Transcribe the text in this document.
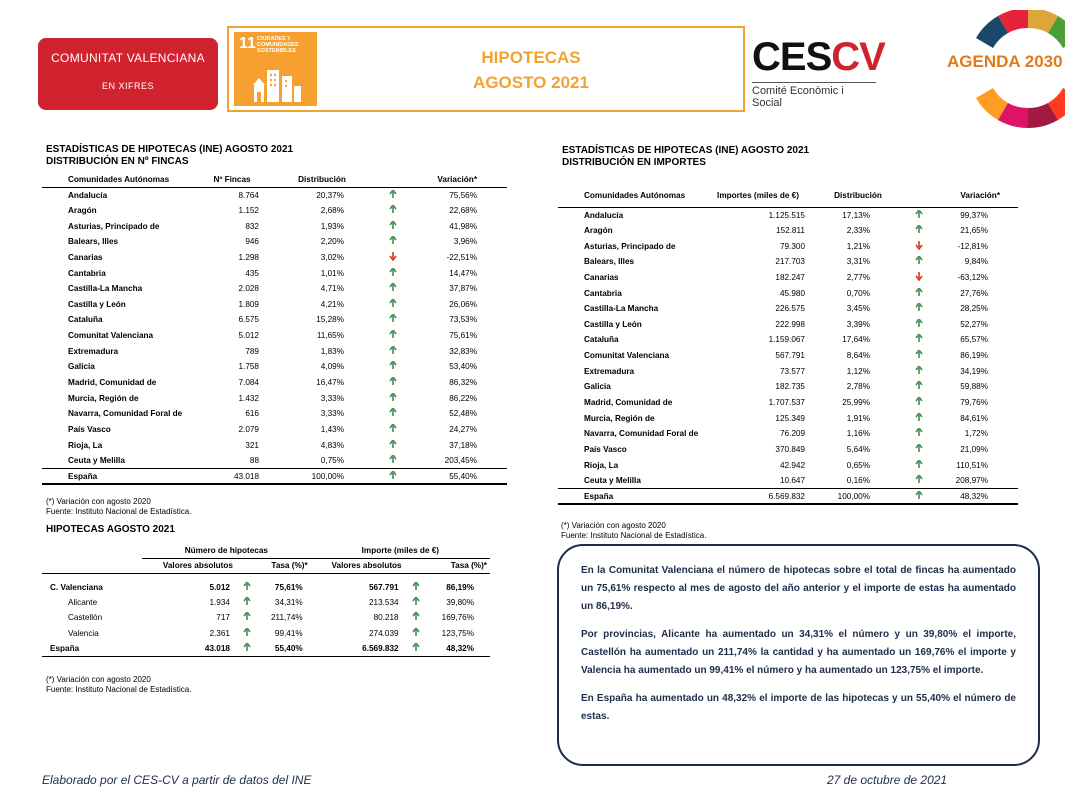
COMUNITAT VALENCIANA
EN XIFRES
11 CIUDADES Y COMUNIDADES SOSTENIBLES	HIPOTECAS
AGOSTO 2021
CESCV
Comité Econòmic i Social
AGENDA 2030
ESTADÍSTICAS DE HIPOTECAS (INE) AGOSTO 2021
DISTRIBUCIÓN EN Nº FINCAS
Comunidades Autónomas	Nº Fincas	Distribución	Variación*	
Andalucía	8.764	20,37%		75,56%
Aragón	1.152	2,68%		22,68%
Asturias, Principado de	832	1,93%		41,98%
Balears, Illes	946	2,20%		3,96%
Canarias	1.298	3,02%		-22,51%
Cantabria	435	1,01%		14,47%
Castilla-La Mancha	2.028	4,71%		37,87%
Castilla y León	1.809	4,21%		26,06%
Cataluña	6.575	15,28%		73,53%
Comunitat Valenciana	5.012	11,65%		75,61%
Extremadura	789	1,83%		32,83%
Galicia	1.758	4,09%		53,40%
Madrid, Comunidad de	7.084	16,47%		86,32%
Murcia, Región de	1.432	3,33%		86,22%
Navarra, Comunidad Foral de	616	3,33%		52,48%
País Vasco	2.079	1,43%		24,27%
Rioja, La	321	4,83%		37,18%
Ceuta y Melilla	88	0,75%		203,45%
España	43.018	100,00%		55,40%
(*) Variación con agosto 2020
Fuente: Instituto Nacional de Estadística.
ESTADÍSTICAS DE HIPOTECAS (INE) AGOSTO 2021
DISTRIBUCIÓN EN IMPORTES
Comunidades Autónomas	Importes (miles de €)	Distribución	Variación*	
Andalucía	1.125.515	17,13%		99,37%
Aragón	152.811	2,33%		21,65%
Asturias, Principado de	79.300	1,21%		-12,81%
Balears, Illes	217.703	3,31%		9,84%
Canarias	182.247	2,77%		-63,12%
Cantabria	45.980	0,70%		27,76%
Castilla-La Mancha	226.575	3,45%		28,25%
Castilla y León	222.998	3,39%		52,27%
Cataluña	1.159.067	17,64%		65,57%
Comunitat Valenciana	567.791	8,64%		86,19%
Extremadura	73.577	1,12%		34,19%
Galicia	182.735	2,78%		59,88%
Madrid, Comunidad de	1.707.537	25,99%		79,76%
Murcia, Región de	125.349	1,91%		84,61%
Navarra, Comunidad Foral de	76.209	1,16%		1,72%
País Vasco	370.849	5,64%		21,09%
Rioja, La	42.942	0,65%		110,51%
Ceuta y Melilla	10.647	0,16%		208,97%
España	6.569.832	100,00%		48,32%
(*) Variación con agosto 2020
Fuente: Instituto Nacional de Estadística.
HIPOTECAS AGOSTO 2021
	Número de hipotecas			Importe (miles de €)		
	Valores absolutos	Tasa (%)*		Valores absolutos	Tasa (%)*	

C. Valenciana	5.012		75,61%	567.791		86,19%
Alicante	1.934		34,31%	213.534		39,80%
Castellón	717		211,74%	80.218		169,76%
Valencia	2.361		99,41%	274.039		123,75%
España	43.018		55,40%	6.569.832		48,32%
(*) Variación con agosto 2020
Fuente: Instituto Nacional de Estadística.

En la Comunitat Valenciana el número de hipotecas sobre el total de fincas ha aumentado un 75,61% respecto al mes de agosto del año anterior y el importe de estas ha aumentado un 86,19%.

Por provincias, Alicante ha aumentado un 34,31% el número y un 39,80% el importe, Castellón ha aumentado un 211,74% la cantidad y ha aumentado un 169,76% el importe y Valencia ha aumentado un 99,41% el número y ha aumentado un 123,75% el importe.

En España ha aumentado un 48,32% el importe de las hipotecas y un 55,40% el número de estas.

Elaborado por el CES-CV a partir de datos del INE	27 de octubre de 2021
